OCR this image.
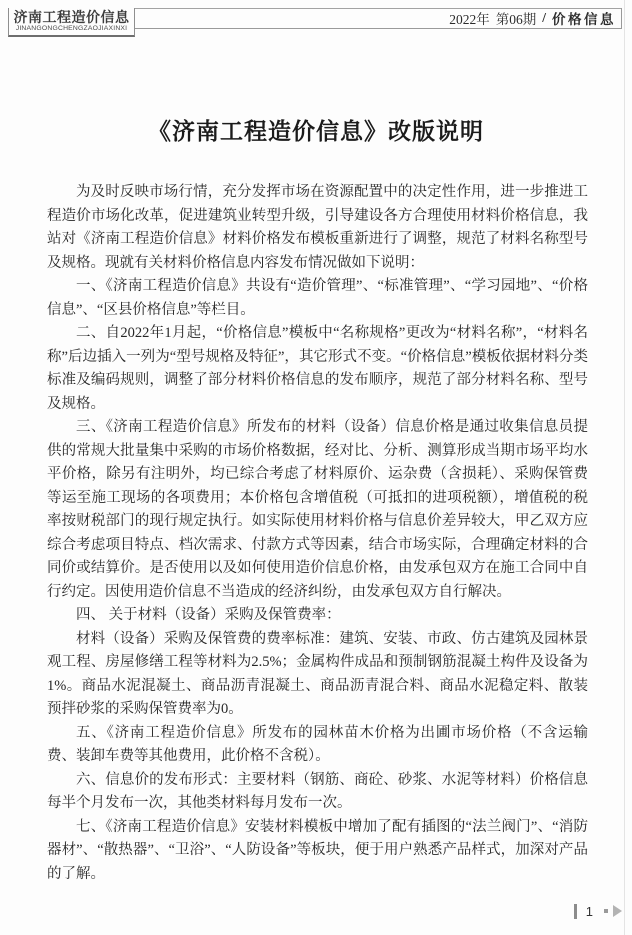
济南工程造价信息
JINANGONGCHENGZAOJIAXINXI
2022年 第06期 / 价格信息
《济南工程造价信息》改版说明

为及时反映市场行情，充分发挥市场在资源配置中的决定性作用，进一步推进工程造价市场化改革，促进建筑业转型升级，引导建设各方合理使用材料价格信息，我站对《济南工程造价信息》材料价格发布模板重新进行了调整，规范了材料名称型号及规格。现就有关材料价格信息内容发布情况做如下说明：

一、《济南工程造价信息》共设有“造价管理”、“标准管理”、“学习园地”、“价格信息”、“区县价格信息”等栏目。

二、自2022年1月起，“价格信息”模板中“名称规格”更改为“材料名称”，“材料名称”后边插入一列为“型号规格及特征”，其它形式不变。“价格信息”模板依据材料分类标准及编码规则，调整了部分材料价格信息的发布顺序，规范了部分材料名称、型号及规格。

三、《济南工程造价信息》所发布的材料（设备）信息价格是通过收集信息员提供的常规大批量集中采购的市场价格数据，经对比、分析、测算形成当期市场平均水平价格，除另有注明外，均已综合考虑了材料原价、运杂费（含损耗）、采购保管费等运至施工现场的各项费用；本价格包含增值税（可抵扣的进项税额），增值税的税率按财税部门的现行规定执行。如实际使用材料价格与信息价差异较大，甲乙双方应综合考虑项目特点、档次需求、付款方式等因素，结合市场实际，合理确定材料的合同价或结算价。是否使用以及如何使用造价信息价格，由发承包双方在施工合同中自行约定。因使用造价信息不当造成的经济纠纷，由发承包双方自行解决。

四、 关于材料（设备）采购及保管费率：

材料（设备）采购及保管费的费率标准：建筑、安装、市政、仿古建筑及园林景观工程、房屋修缮工程等材料为2.5%；金属构件成品和预制钢筋混凝土构件及设备为1%。商品水泥混凝土、商品沥青混凝土、商品沥青混合料、商品水泥稳定料、散装预拌砂浆的采购保管费率为0。

五、《济南工程造价信息》所发布的园林苗木价格为出圃市场价格（不含运输费、装卸车费等其他费用，此价格不含税）。

六、信息价的发布形式：主要材料（钢筋、商砼、砂浆、水泥等材料）价格信息每半个月发布一次，其他类材料每月发布一次。

七、《济南工程造价信息》安装材料模板中增加了配有插图的“法兰阀门”、“消防器材”、“散热器”、“卫浴”、“人防设备”等板块，便于用户熟悉产品样式，加深对产品的了解。

1
